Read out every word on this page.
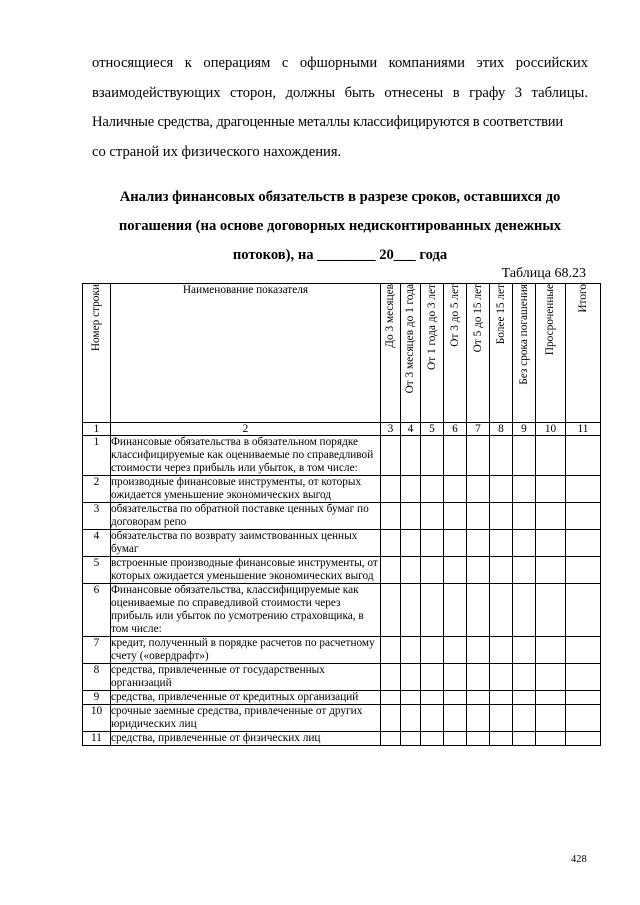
относящиеся к операциям с офшорными компаниями этих российских
взаимодействующих сторон, должны быть отнесены в графу 3 таблицы.
Наличные средства, драгоценные металлы классифицируются в соответствии
со страной их физического нахождения.
Анализ финансовых обязательств в разрезе сроков, оставшихся до
погашения (на основе договорных недисконтированных денежных
потоков), на ________ 20___ года
Таблица 68.23
Номер строки	Наименование показателя	До 3 месяцев	От 3 месяцев до 1 года	От 1 года до 3 лет	От 3 до 5 лет	От 5 до 15 лет	Более 15 лет	Без срока погашения	Просроченные	Итого

1	2	3	4	5	6	7	8	9	10	11
1	Финансовые обязательства в обязательном порядке классифицируемые как оцениваемые по справедливой стоимости через прибыль или убыток, в том числе:									
2	производные финансовые инструменты, от которых ожидается уменьшение экономических выгод									
3	обязательства по обратной поставке ценных бумаг по договорам репо									
4	обязательства по возврату заимствованных ценных бумаг									
5	встроенные производные финансовые инструменты, от которых ожидается уменьшение экономических выгод									
6	Финансовые обязательства, классифицируемые как оцениваемые по справедливой стоимости через прибыль или убыток по усмотрению страховщика, в том числе:									
7	кредит, полученный в порядке расчетов по расчетному счету («овердрафт»)									
8	средства, привлеченные от государственных организаций									
9	средства, привлеченные от кредитных организаций									
10	срочные заемные средства, привлеченные от других юридических лиц									
11	средства, привлеченные от физических лиц									
428
